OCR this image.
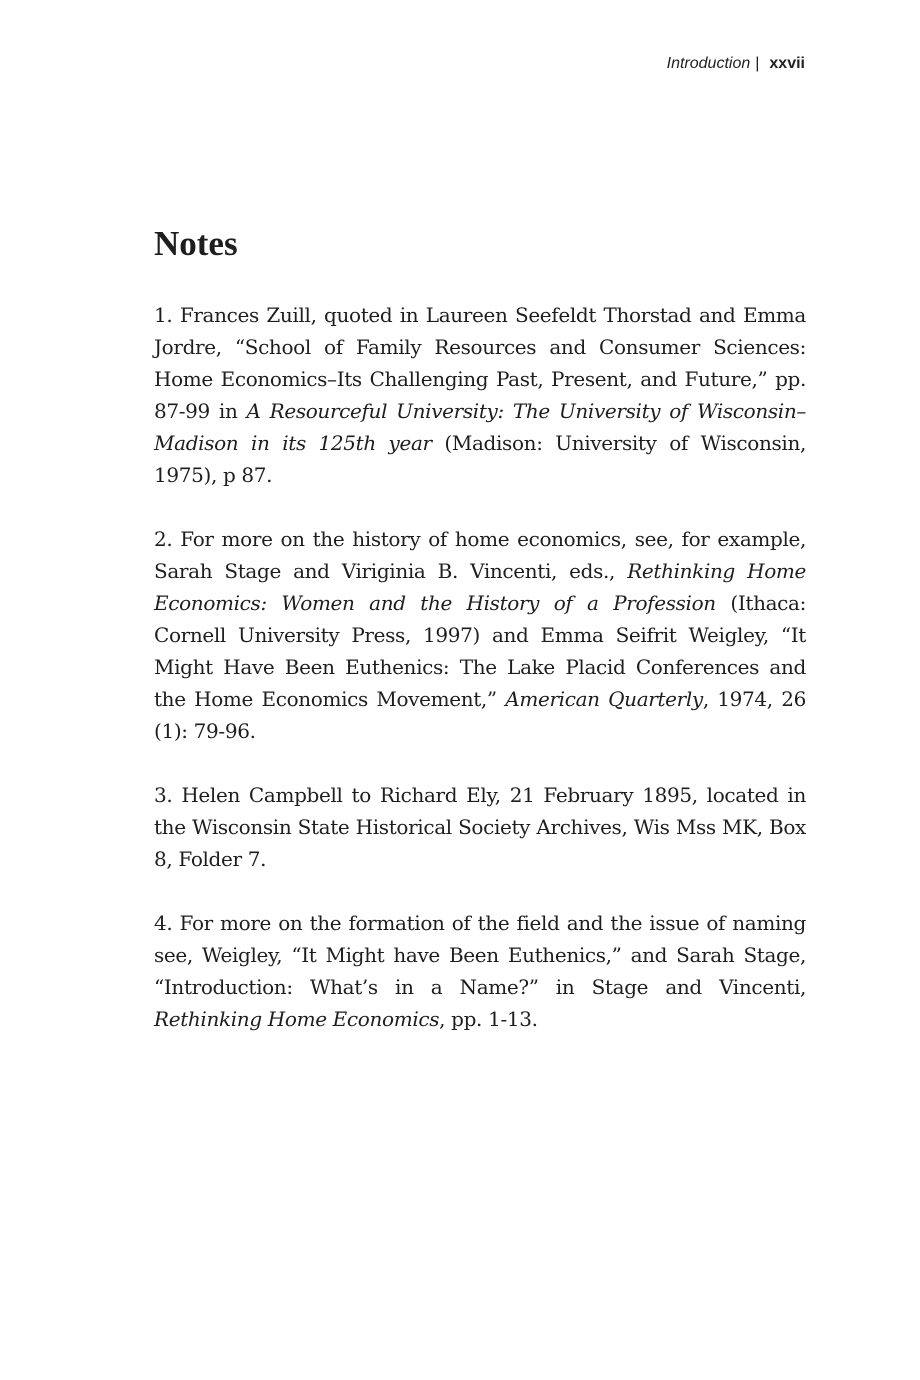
Introduction | xxvii
Notes

1. Frances Zuill, quoted in Laureen Seefeldt Thorstad and Emma Jordre, “School of Family Resources and Consumer Sciences: Home Economics–Its Challenging Past, Present, and Future,” pp. 87-99 in A Resourceful University: The University of Wisconsin–Madison in its 125th year (Madison: University of Wisconsin, 1975), p 87.

2. For more on the history of home economics, see, for example, Sarah Stage and Viriginia B. Vincenti, eds., Rethinking Home Economics: Women and the History of a Profession (Ithaca: Cornell University Press, 1997) and Emma Seifrit Weigley, “It Might Have Been Euthenics: The Lake Placid Conferences and the Home Economics Movement,” American Quarterly, 1974, 26 (1): 79-96.

3. Helen Campbell to Richard Ely, 21 February 1895, located in the Wisconsin State Historical Society Archives, Wis Mss MK, Box 8, Folder 7.

4. For more on the formation of the field and the issue of naming see, Weigley, “It Might have Been Euthenics,” and Sarah Stage, “Introduction: What’s in a Name?” in Stage and Vincenti, Rethinking Home Economics, pp. 1-13.
